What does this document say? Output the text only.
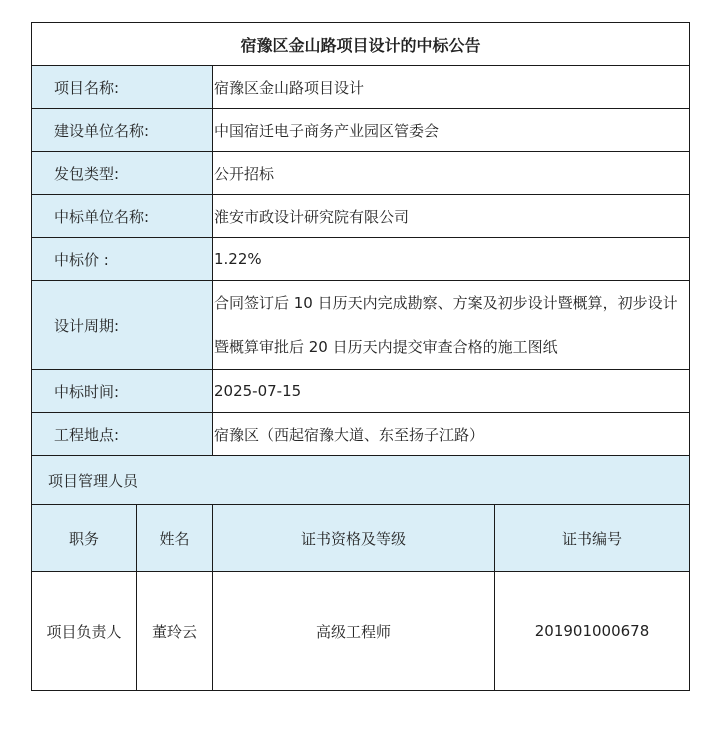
宿豫区金山路项目设计的中标公告			
项目名称:		宿豫区金山路项目设计	
建设单位名称:		中国宿迁电子商务产业园区管委会	
发包类型:		公开招标	
中标单位名称:		淮安市政设计研究院有限公司	
中标价 :		1.22%	
设计周期:		合同签订后 10 日历天内完成勘察、方案及初步设计暨概算，初步设计暨概算审批后 20 日历天内提交审查合格的施工图纸	
中标时间:		2025-07-15	
工程地点:		宿豫区（西起宿豫大道、东至扬子江路）	
项目管理人员			
职务	姓名	证书资格及等级	证书编号
项目负责人	董玲云	高级工程师	201901000678
